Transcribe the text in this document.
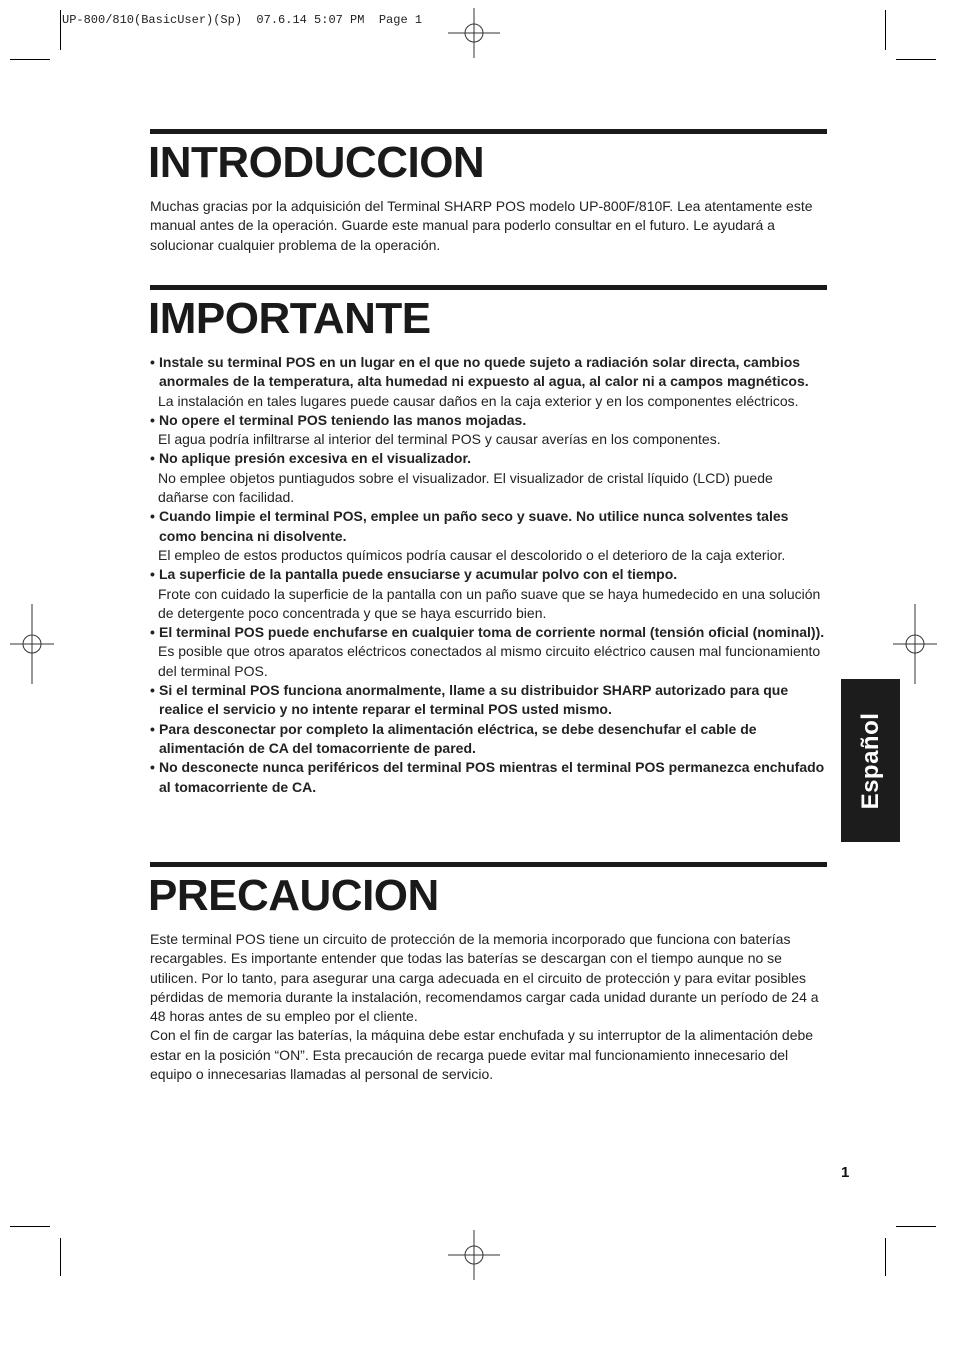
UP-800/810(BasicUser)(Sp)  07.6.14 5:07 PM  Page 1
INTRODUCCION

Muchas gracias por la adquisición del Terminal SHARP POS modelo UP-800F/810F. Lea atentamente este manual antes de la operación. Guarde este manual para poderlo consultar en el futuro. Le ayudará a solucionar cualquier problema de la operación.

IMPORTANTE
• Instale su terminal POS en un lugar en el que no quede sujeto a radiación solar directa, cambios anormales de la temperatura, alta humedad ni expuesto al agua, al calor ni a campos magnéticos.
La instalación en tales lugares puede causar daños en la caja exterior y en los componentes eléctricos.
• No opere el terminal POS teniendo las manos mojadas.
El agua podría infiltrarse al interior del terminal POS y causar averías en los componentes.
• No aplique presión excesiva en el visualizador.
No emplee objetos puntiagudos sobre el visualizador. El visualizador de cristal líquido (LCD) puede dañarse con facilidad.
• Cuando limpie el terminal POS, emplee un paño seco y suave. No utilice nunca solventes tales como bencina ni disolvente.
El empleo de estos productos químicos podría causar el descolorido o el deterioro de la caja exterior.
• La superficie de la pantalla puede ensuciarse y acumular polvo con el tiempo.
Frote con cuidado la superficie de la pantalla con un paño suave que se haya humedecido en una solución de detergente poco concentrada y que se haya escurrido bien.
• El terminal POS puede enchufarse en cualquier toma de corriente normal (tensión oficial (nominal)).
Es posible que otros aparatos eléctricos conectados al mismo circuito eléctrico causen mal funcionamiento del terminal POS.
• Si el terminal POS funciona anormalmente, llame a su distribuidor SHARP autorizado para que realice el servicio y no intente reparar el terminal POS usted mismo.
• Para desconectar por completo la alimentación eléctrica, se debe desenchufar el cable de alimentación de CA del tomacorriente de pared.
• No desconecte nunca periféricos del terminal POS mientras el terminal POS permanezca enchufado al tomacorriente de CA.
PRECAUCION

Este terminal POS tiene un circuito de protección de la memoria incorporado que funciona con baterías recargables. Es importante entender que todas las baterías se descargan con el tiempo aunque no se utilicen. Por lo tanto, para asegurar una carga adecuada en el circuito de protección y para evitar posibles pérdidas de memoria durante la instalación, recomendamos cargar cada unidad durante un período de 24 a 48 horas antes de su empleo por el cliente.

Con el fin de cargar las baterías, la máquina debe estar enchufada y su interruptor de la alimentación debe estar en la posición “ON”. Esta precaución de recarga puede evitar mal funcionamiento innecesario del equipo o innecesarias llamadas al personal de servicio.

Español
1
